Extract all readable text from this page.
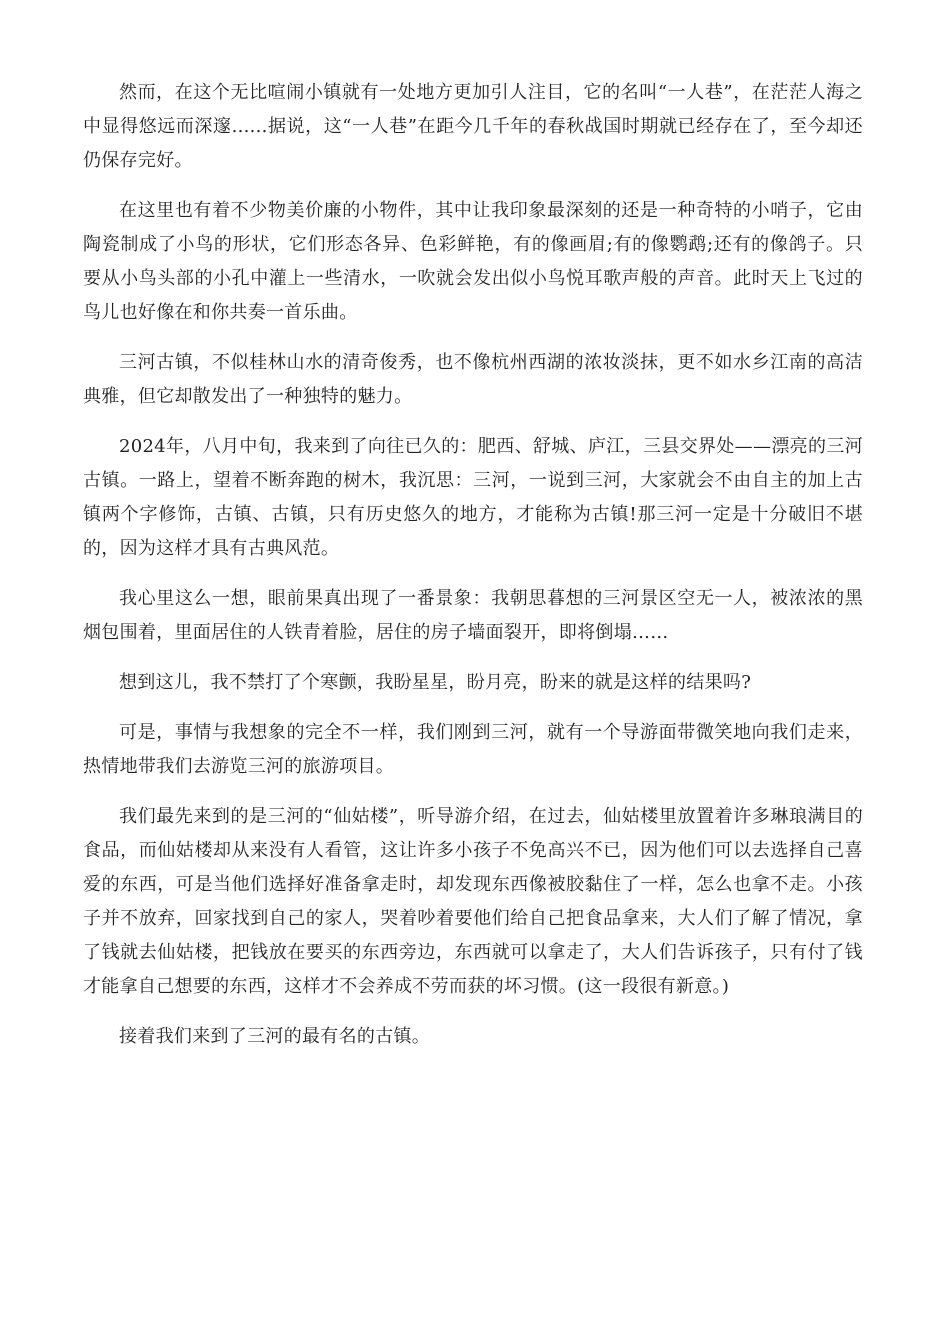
然而，在这个无比喧闹小镇就有一处地方更加引人注目，它的名叫“一人巷”，在茫茫人海之中显得悠远而深邃......据说，这“一人巷”在距今几千年的春秋战国时期就已经存在了，至今却还仍保存完好。

在这里也有着不少物美价廉的小物件，其中让我印象最深刻的还是一种奇特的小哨子，它由陶瓷制成了小鸟的形状，它们形态各异、色彩鲜艳，有的像画眉;有的像鹦鹉;还有的像鸽子。只要从小鸟头部的小孔中灌上一些清水，一吹就会发出似小鸟悦耳歌声般的声音。此时天上飞过的鸟儿也好像在和你共奏一首乐曲。

三河古镇，不似桂林山水的清奇俊秀，也不像杭州西湖的浓妆淡抹，更不如水乡江南的高洁典雅，但它却散发出了一种独特的魅力。

2024年，八月中旬，我来到了向往已久的：肥西、舒城、庐江，三县交界处——漂亮的三河古镇。一路上，望着不断奔跑的树木，我沉思：三河，一说到三河，大家就会不由自主的加上古镇两个字修饰，古镇、古镇，只有历史悠久的地方，才能称为古镇!那三河一定是十分破旧不堪的，因为这样才具有古典风范。

我心里这么一想，眼前果真出现了一番景象：我朝思暮想的三河景区空无一人，被浓浓的黑烟包围着，里面居住的人铁青着脸，居住的房子墙面裂开，即将倒塌……

想到这儿，我不禁打了个寒颤，我盼星星，盼月亮，盼来的就是这样的结果吗?

可是，事情与我想象的完全不一样，我们刚到三河，就有一个导游面带微笑地向我们走来，热情地带我们去游览三河的旅游项目。

我们最先来到的是三河的“仙姑楼”，听导游介绍，在过去，仙姑楼里放置着许多琳琅满目的食品，而仙姑楼却从来没有人看管，这让许多小孩子不免高兴不已，因为他们可以去选择自己喜爱的东西，可是当他们选择好准备拿走时，却发现东西像被胶黏住了一样，怎么也拿不走。小孩子并不放弃，回家找到自己的家人，哭着吵着要他们给自己把食品拿来，大人们了解了情况，拿了钱就去仙姑楼，把钱放在要买的东西旁边，东西就可以拿走了，大人们告诉孩子，只有付了钱才能拿自己想要的东西，这样才不会养成不劳而获的坏习惯。(这一段很有新意。)

接着我们来到了三河的最有名的古镇。
